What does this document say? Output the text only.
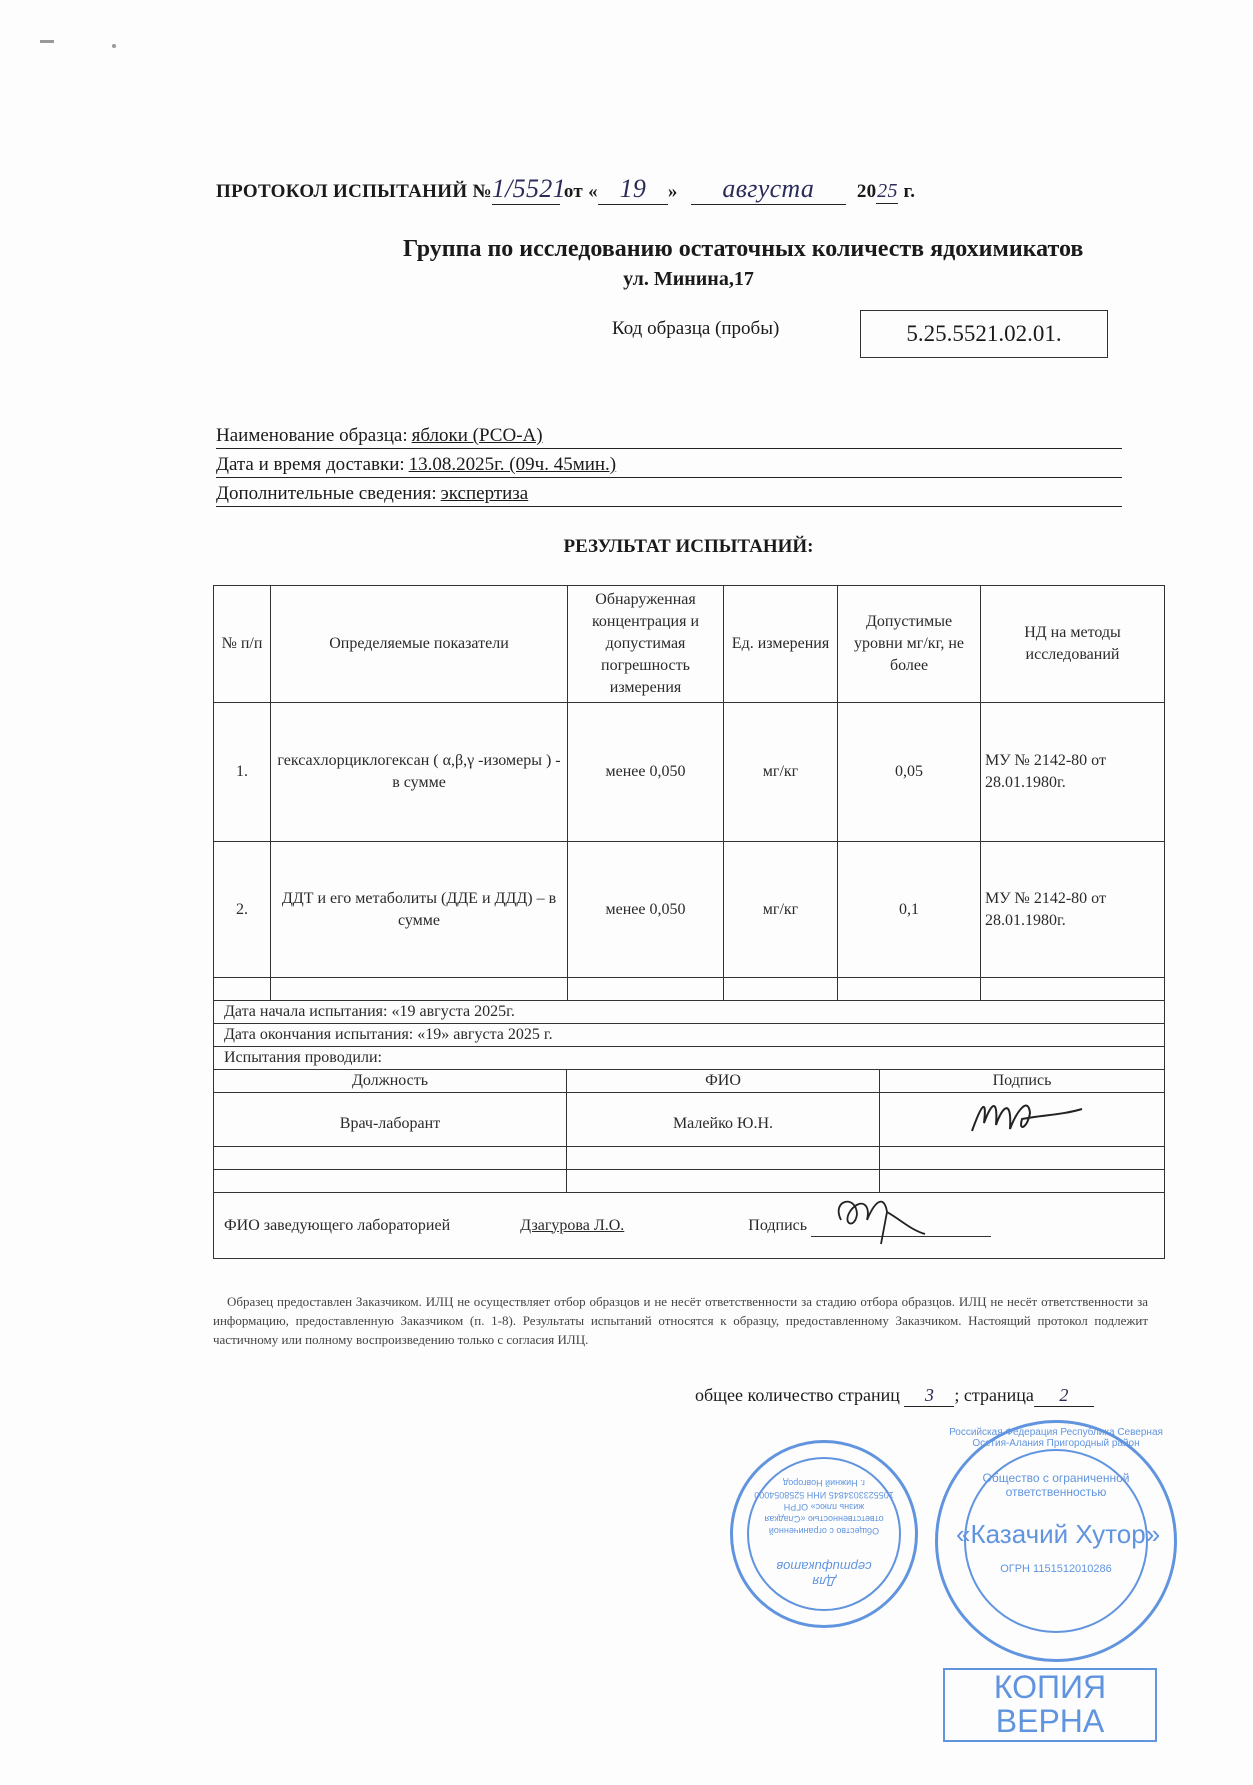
ПРОТОКОЛ ИСПЫТАНИЙ №1/5521от « 19 » августа 2025 г.
Группа по исследованию остаточных количеств ядохимикатов
ул. Минина,17
Код образца (пробы)	5.25.5521.02.01.
Наименование образца: яблоки (РСО-А)
Дата и время доставки: 13.08.2025г. (09ч. 45мин.)
Дополнительные сведения: экспертиза
РЕЗУЛЬТАТ ИСПЫТАНИЙ:
№ п/п	Определяемые показатели	Обнаруженная концентрация и допустимая погрешность измерения	Ед. измерения	Допустимые уровни мг/кг, не более	НД на методы исследований
1.	гексахлорциклогексан ( α,β,γ -изомеры ) - в сумме	менее 0,050	мг/кг	0,05	МУ № 2142-80 от 28.01.1980г.
2.	ДДТ и его метаболиты (ДДЕ и ДДД) – в сумме	менее 0,050	мг/кг	0,1	МУ № 2142-80 от 28.01.1980г.

Дата начала испытания: «19 августа 2025г.		
Дата окончания испытания: «19» августа 2025 г.		
Испытания проводили:		
Должность	ФИО	Подпись
Врач-лаборант	Малейко Ю.Н.	

ФИО заведующего лабораторией Дзагурова Л.О. Подпись		
Образец предоставлен Заказчиком. ИЛЦ не осуществляет отбор образцов и не несёт ответственности за стадию отбора образцов. ИЛЦ не несёт ответственности за информацию, предоставленную Заказчиком (п. 1-8). Результаты испытаний относятся к образцу, предоставленному Заказчиком. Настоящий протокол подлежит частичному или полному воспроизведению только с согласия ИЛЦ.
общее количество страниц 3 ; страница 2
Общество с ограниченной ответственностью «Сладкая жизнь плюс» ОГРН 1055233034845 ИНН 5258054000 г. Нижний Новгород
Для сертификатов
Российская Федерация Республика Северная Осетия-Алания Пригородный район
Общество с ограниченной ответственностью
«Казачий Хутор»
ОГРН 1151512010286
КОПИЯ
ВЕРНА
